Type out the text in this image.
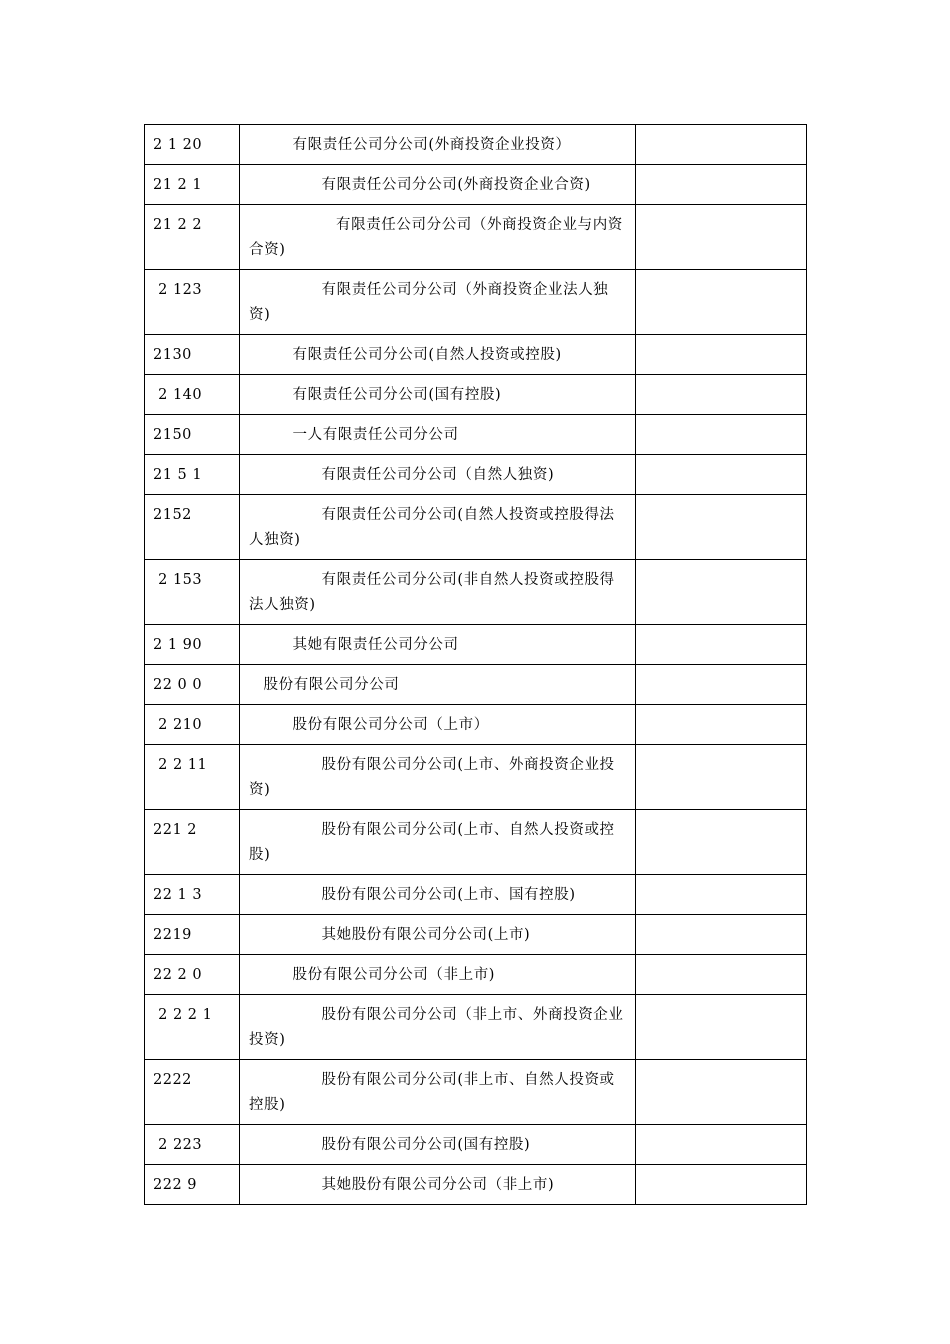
2 1 20	有限责任公司分公司(外商投资企业投资）	
21 2 1	有限责任公司分公司(外商投资企业合资)	
21 2 2	有限责任公司分公司（外商投资企业与内资合资)	
2 123	有限责任公司分公司（外商投资企业法人独资)	
2130	有限责任公司分公司(自然人投资或控股)	
2 140	有限责任公司分公司(国有控股)	
2150	一人有限责任公司分公司	
21 5 1	有限责任公司分公司（自然人独资)	
2152	有限责任公司分公司(自然人投资或控股得法人独资)	
2 153	有限责任公司分公司(非自然人投资或控股得法人独资)	
2 1 90	其她有限责任公司分公司	
22 0 0	股份有限公司分公司	
2 210	股份有限公司分公司（上市）	
2 2 11	股份有限公司分公司(上市、外商投资企业投资)	
221 2	股份有限公司分公司(上市、自然人投资或控股)	
22 1 3	股份有限公司分公司(上市、国有控股)	
2219	其她股份有限公司分公司(上市)	
22 2 0	股份有限公司分公司（非上市)	
2 2 2 1	股份有限公司分公司（非上市、外商投资企业投资)	
2222	股份有限公司分公司(非上市、自然人投资或控股)	
2 223	股份有限公司分公司(国有控股)	
222 9	其她股份有限公司分公司（非上市)	
